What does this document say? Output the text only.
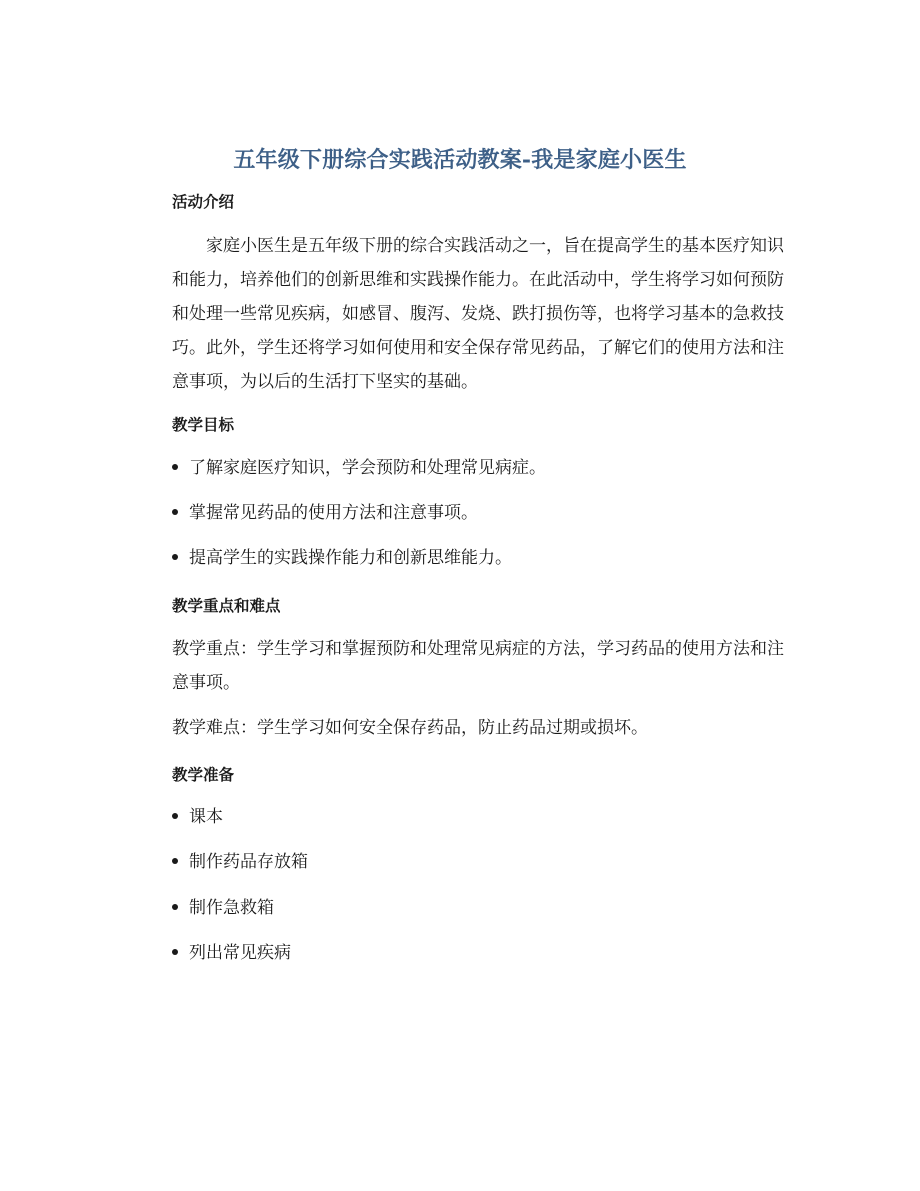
五年级下册综合实践活动教案-我是家庭小医生
活动介绍
家庭小医生是五年级下册的综合实践活动之一，旨在提高学生的基本医疗知识和能力，培养他们的创新思维和实践操作能力。在此活动中，学生将学习如何预防和处理一些常见疾病，如感冒、腹泻、发烧、跌打损伤等，也将学习基本的急救技巧。此外，学生还将学习如何使用和安全保存常见药品，了解它们的使用方法和注意事项，为以后的生活打下坚实的基础。
教学目标
了解家庭医疗知识，学会预防和处理常见病症。
掌握常见药品的使用方法和注意事项。
提高学生的实践操作能力和创新思维能力。
教学重点和难点
教学重点：学生学习和掌握预防和处理常见病症的方法，学习药品的使用方法和注意事项。
教学难点：学生学习如何安全保存药品，防止药品过期或损坏。
教学准备
课本
制作药品存放箱
制作急救箱
列出常见疾病
